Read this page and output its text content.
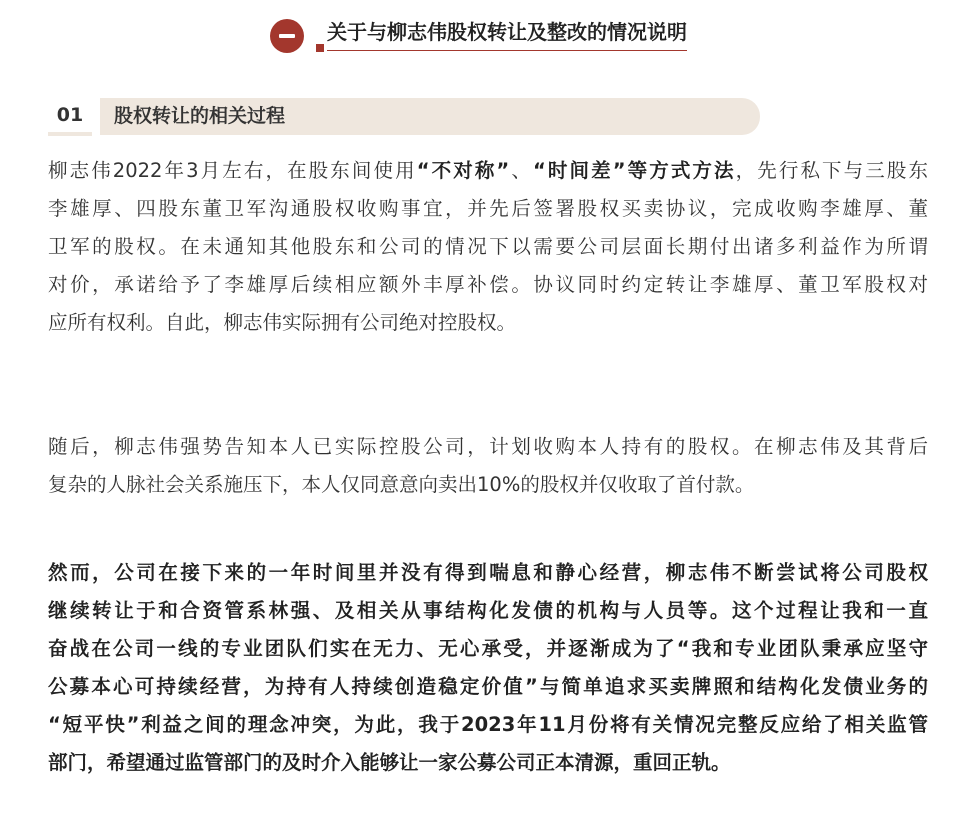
关于与柳志伟股权转让及整改的情况说明
01	股权转让的相关过程
柳志伟2022年3月左右，在股东间使用“不对称”、“时间差”等方式方法，先行私下与三股东
李雄厚、四股东董卫军沟通股权收购事宜，并先后签署股权买卖协议，完成收购李雄厚、董
卫军的股权。在未通知其他股东和公司的情况下以需要公司层面长期付出诸多利益作为所谓
对价，承诺给予了李雄厚后续相应额外丰厚补偿。协议同时约定转让李雄厚、董卫军股权对
应所有权利。自此，柳志伟实际拥有公司绝对控股权。
随后，柳志伟强势告知本人已实际控股公司，计划收购本人持有的股权。在柳志伟及其背后
复杂的人脉社会关系施压下，本人仅同意意向卖出10%的股权并仅收取了首付款。
然而，公司在接下来的一年时间里并没有得到喘息和静心经营，柳志伟不断尝试将公司股权
继续转让于和合资管系林强、及相关从事结构化发债的机构与人员等。这个过程让我和一直
奋战在公司一线的专业团队们实在无力、无心承受，并逐渐成为了“我和专业团队秉承应坚守
公募本心可持续经营，为持有人持续创造稳定价值”与简单追求买卖牌照和结构化发债业务的
“短平快”利益之间的理念冲突，为此，我于2023年11月份将有关情况完整反应给了相关监管
部门，希望通过监管部门的及时介入能够让一家公募公司正本清源，重回正轨。
